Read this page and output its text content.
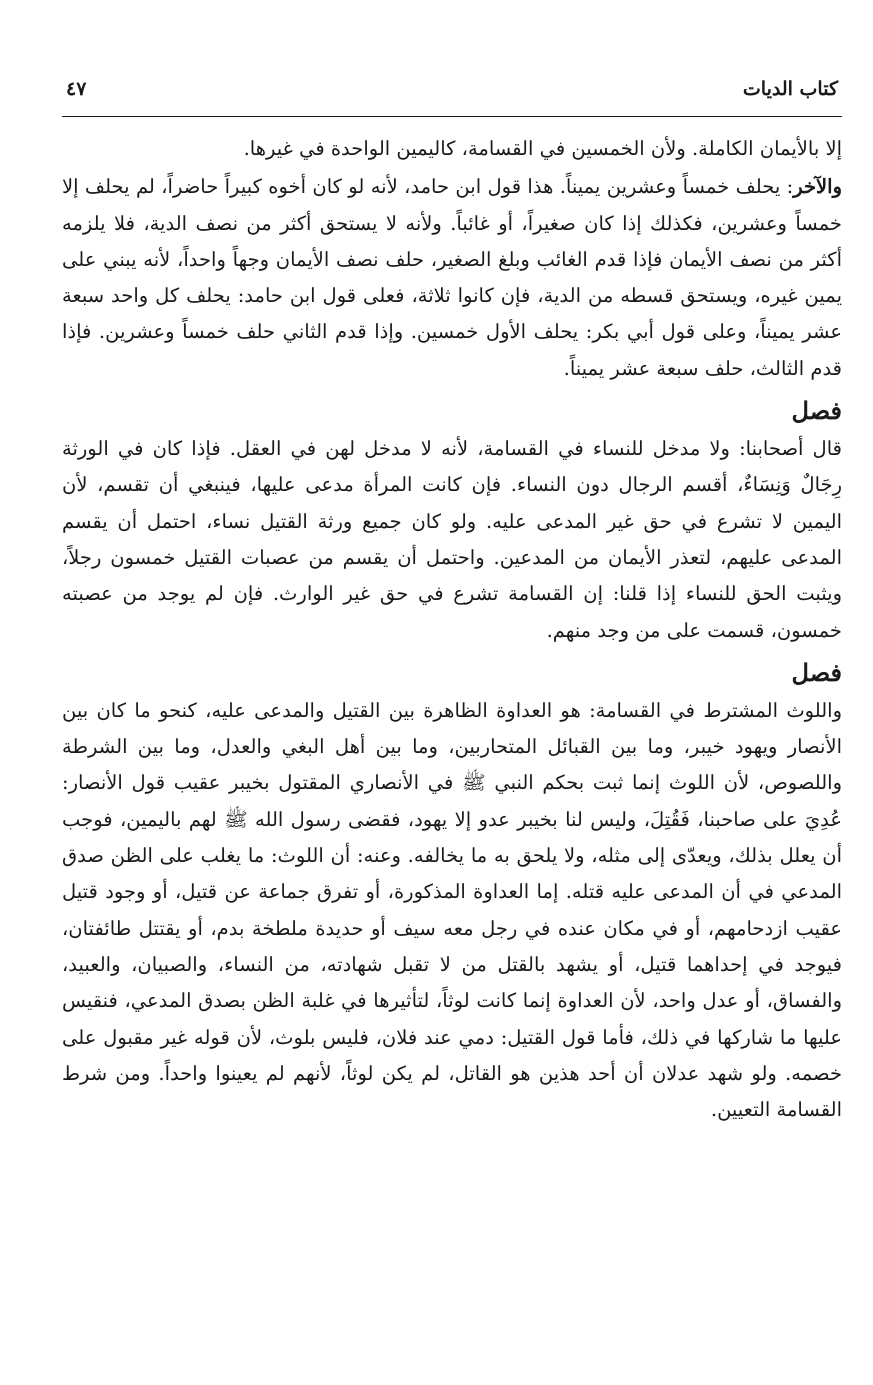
كتاب الديات
٤٧

إلا بالأيمان الكاملة. ولأن الخمسين في القسامة، كاليمين الواحدة في غيرها.

والآخر: يحلف خمساً وعشرين يميناً. هذا قول ابن حامد، لأنه لو كان أخوه كبيراً حاضراً، لم يحلف إلا خمساً وعشرين، فكذلك إذا كان صغيراً، أو غائباً. ولأنه لا يستحق أكثر من نصف الدية، فلا يلزمه أكثر من نصف الأيمان فإذا قدم الغائب وبلغ الصغير، حلف نصف الأيمان وجهاً واحداً، لأنه يبني على يمين غيره، ويستحق قسطه من الدية، فإن كانوا ثلاثة، فعلى قول ابن حامد: يحلف كل واحد سبعة عشر يميناً، وعلى قول أبي بكر: يحلف الأول خمسين. وإذا قدم الثاني حلف خمساً وعشرين. فإذا قدم الثالث، حلف سبعة عشر يميناً.

فصل

قال أصحابنا: ولا مدخل للنساء في القسامة، لأنه لا مدخل لهن في العقل. فإذا كان في الورثة رِجَالٌ وَنِسَاءٌ، أقسم الرجال دون النساء. فإن كانت المرأة مدعى عليها، فينبغي أن تقسم، لأن اليمين لا تشرع في حق غير المدعى عليه. ولو كان جميع ورثة القتيل نساء، احتمل أن يقسم المدعى عليهم، لتعذر الأيمان من المدعين. واحتمل أن يقسم من عصبات القتيل خمسون رجلاً، ويثبت الحق للنساء إذا قلنا: إن القسامة تشرع في حق غير الوارث. فإن لم يوجد من عصبته خمسون، قسمت على من وجد منهم.

فصل

واللوث المشترط في القسامة: هو العداوة الظاهرة بين القتيل والمدعى عليه، كنحو ما كان بين الأنصار ويهود خيبر، وما بين القبائل المتحاربين، وما بين أهل البغي والعدل، وما بين الشرطة واللصوص، لأن اللوث إنما ثبت بحكم النبي ﷺ في الأنصاري المقتول بخيبر عقيب قول الأنصار: عُدِيَ على صاحبنا، فَقُتِلَ، وليس لنا بخيبر عدو إلا يهود، فقضى رسول الله ﷺ لهم باليمين، فوجب أن يعلل بذلك، ويعدّى إلى مثله، ولا يلحق به ما يخالفه. وعنه: أن اللوث: ما يغلب على الظن صدق المدعي في أن المدعى عليه قتله. إما العداوة المذكورة، أو تفرق جماعة عن قتيل، أو وجود قتيل عقيب ازدحامهم، أو في مكان عنده في رجل معه سيف أو حديدة ملطخة بدم، أو يقتتل طائفتان، فيوجد في إحداهما قتيل، أو يشهد بالقتل من لا تقبل شهادته، من النساء، والصبيان، والعبيد، والفساق، أو عدل واحد، لأن العداوة إنما كانت لوثاً، لتأثيرها في غلبة الظن بصدق المدعي، فنقيس عليها ما شاركها في ذلك، فأما قول القتيل: دمي عند فلان، فليس بلوث، لأن قوله غير مقبول على خصمه. ولو شهد عدلان أن أحد هذين هو القاتل، لم يكن لوثاً، لأنهم لم يعينوا واحداً. ومن شرط القسامة التعيين.
